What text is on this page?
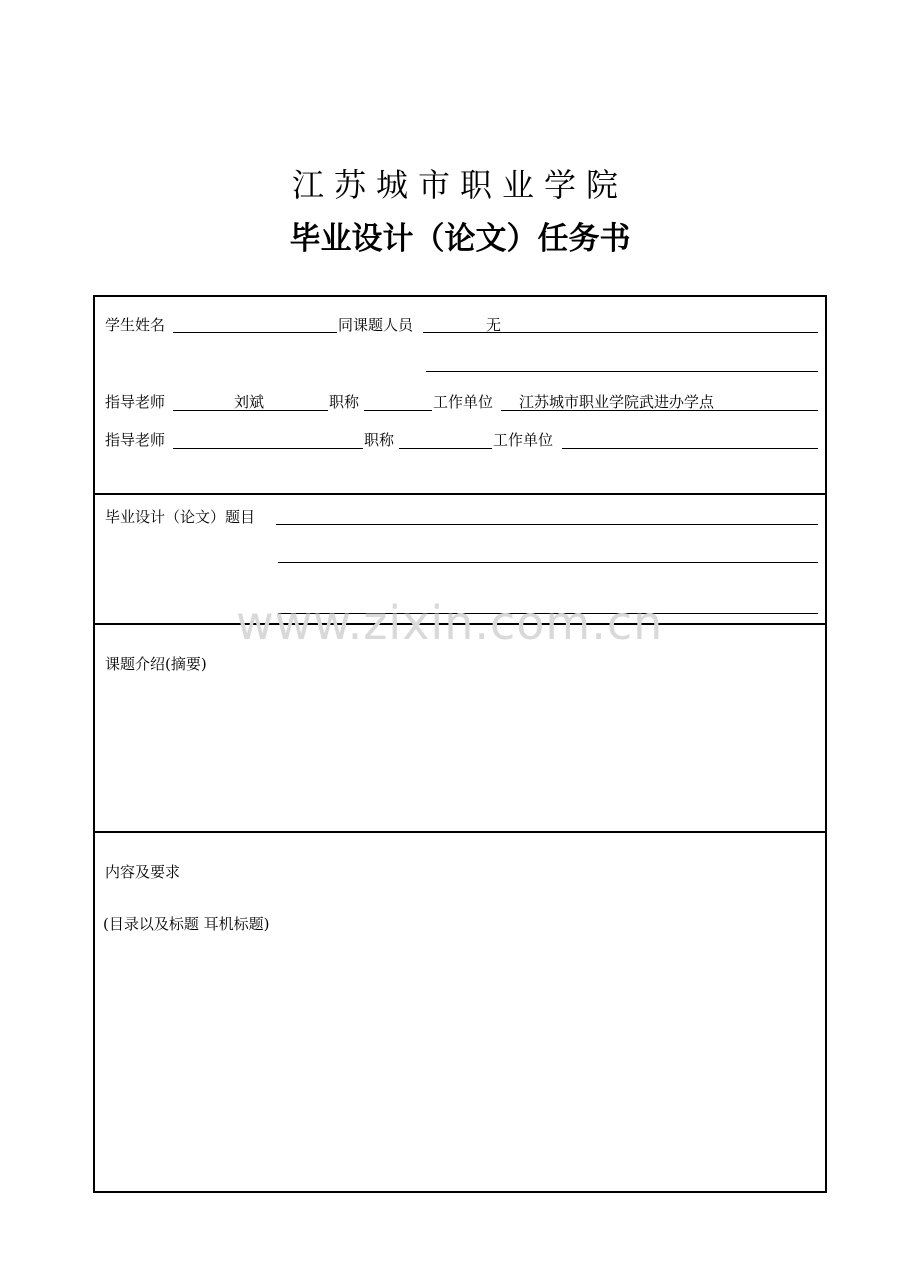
江苏城市职业学院
毕业设计（论文）任务书
学生姓名	同课题人员	无
指导老师	刘斌	职称	工作单位 江苏城市职业学院武进办学点
指导老师	职称	工作单位
毕业设计（论文）题目
课题介绍(摘要)
内容及要求
(目录以及标题 耳机标题)
www.zixin.com.cn
